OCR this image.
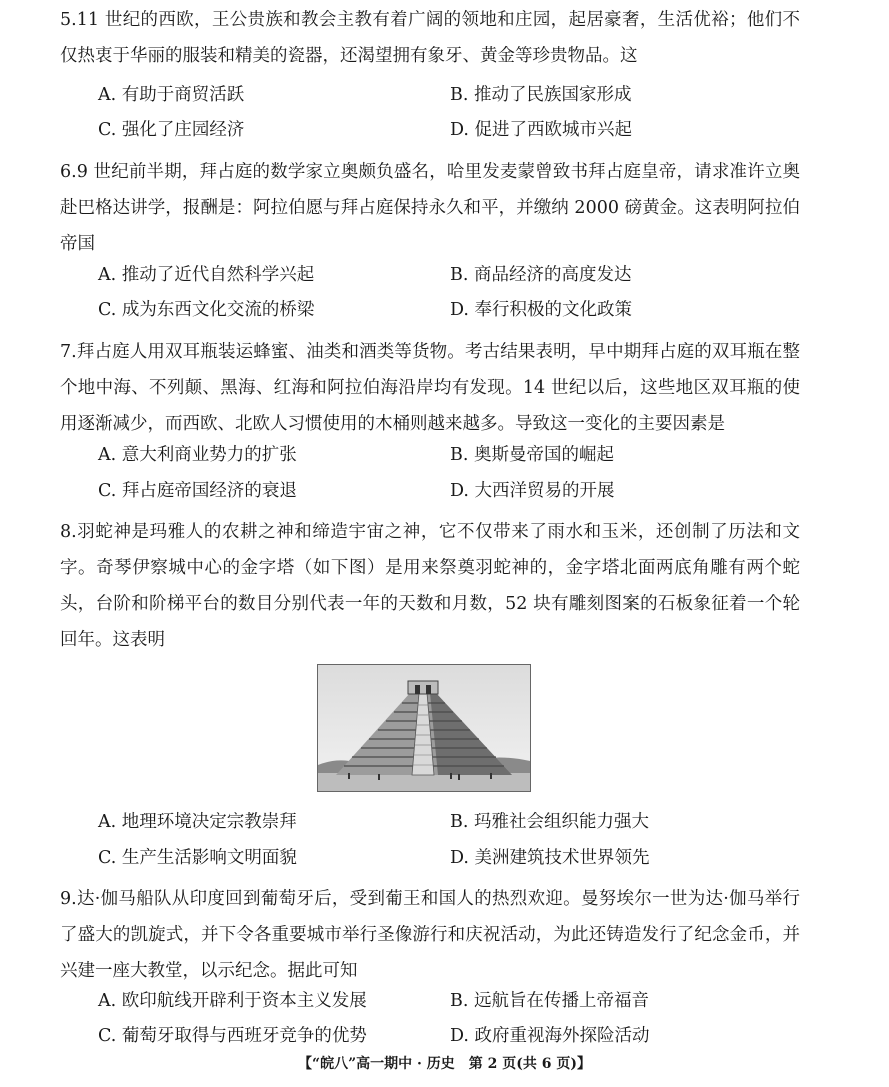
5.11 世纪的西欧，王公贵族和教会主教有着广阔的领地和庄园，起居豪奢，生活优裕；他们不仅热衷于华丽的服装和精美的瓷器，还渴望拥有象牙、黄金等珍贵物品。这

A. 有助于商贸活跃	B. 推动了民族国家形成
C. 强化了庄园经济	D. 促进了西欧城市兴起

6.9 世纪前半期，拜占庭的数学家立奥颇负盛名，哈里发麦蒙曾致书拜占庭皇帝，请求准许立奥赴巴格达讲学，报酬是：阿拉伯愿与拜占庭保持永久和平，并缴纳 2000 磅黄金。这表明阿拉伯帝国

A. 推动了近代自然科学兴起	B. 商品经济的高度发达
C. 成为东西文化交流的桥梁	D. 奉行积极的文化政策

7.拜占庭人用双耳瓶装运蜂蜜、油类和酒类等货物。考古结果表明，早中期拜占庭的双耳瓶在整个地中海、不列颠、黑海、红海和阿拉伯海沿岸均有发现。14 世纪以后，这些地区双耳瓶的使用逐渐减少，而西欧、北欧人习惯使用的木桶则越来越多。导致这一变化的主要因素是

A. 意大利商业势力的扩张	B. 奥斯曼帝国的崛起
C. 拜占庭帝国经济的衰退	D. 大西洋贸易的开展

8.羽蛇神是玛雅人的农耕之神和缔造宇宙之神，它不仅带来了雨水和玉米，还创制了历法和文字。奇琴伊察城中心的金字塔（如下图）是用来祭奠羽蛇神的，金字塔北面两底角雕有两个蛇头，台阶和阶梯平台的数目分别代表一年的天数和月数，52 块有雕刻图案的石板象征着一个轮回年。这表明

A. 地理环境决定宗教崇拜	B. 玛雅社会组织能力强大
C. 生产生活影响文明面貌	D. 美洲建筑技术世界领先

9.达·伽马船队从印度回到葡萄牙后，受到葡王和国人的热烈欢迎。曼努埃尔一世为达·伽马举行了盛大的凯旋式，并下令各重要城市举行圣像游行和庆祝活动，为此还铸造发行了纪念金币，并兴建一座大教堂，以示纪念。据此可知

A. 欧印航线开辟利于资本主义发展	B. 远航旨在传播上帝福音
C. 葡萄牙取得与西班牙竞争的优势	D. 政府重视海外探险活动
【“皖八”高一期中 · 历史　第 2 页(共 6 页)】
